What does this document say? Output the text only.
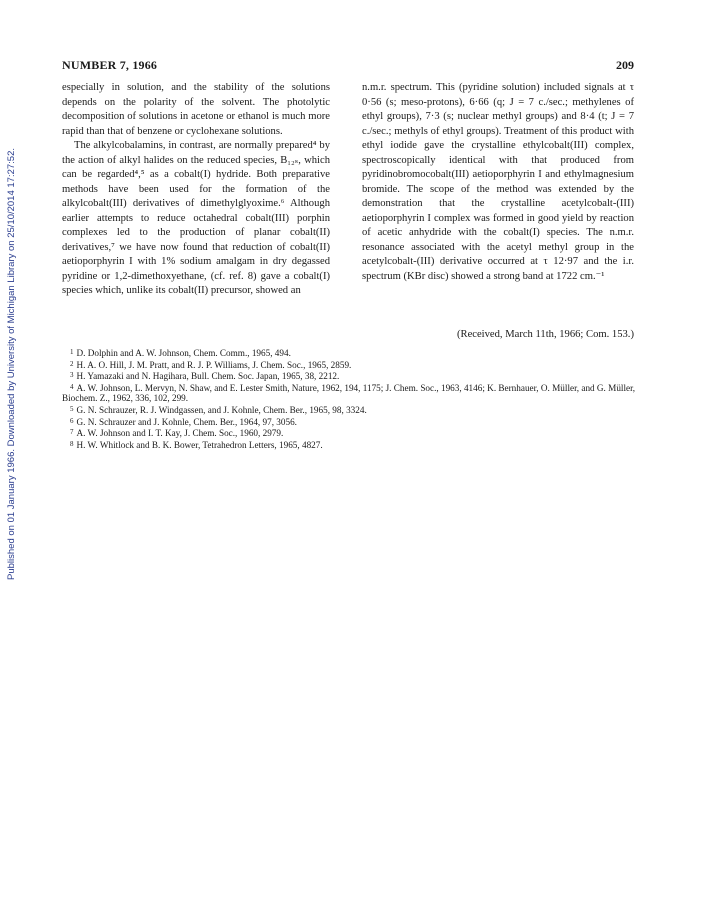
Published on 01 January 1966. Downloaded by University of Michigan Library on 25/10/2014 17:27:52.
NUMBER 7, 1966	209

especially in solution, and the stability of the solutions depends on the polarity of the solvent. The photolytic decomposition of solutions in acetone or ethanol is much more rapid than that of benzene or cyclohexane solutions.

The alkylcobalamins, in contrast, are normally prepared⁴ by the action of alkyl halides on the reduced species, B₁₂ₛ, which can be regarded⁴,⁵ as a cobalt(I) hydride. Both preparative methods have been used for the formation of the alkylcobalt(III) derivatives of dimethylglyoxime.⁶ Although earlier attempts to reduce octahedral cobalt(III) porphin complexes led to the production of planar cobalt(II) derivatives,⁷ we have now found that reduction of cobalt(II) aetioporphyrin I with 1% sodium amalgam in dry degassed pyridine or 1,2-dimethoxyethane, (cf. ref. 8) gave a cobalt(I) species which, unlike its cobalt(II) precursor, showed an

n.m.r. spectrum. This (pyridine solution) included signals at τ 0·56 (s; meso-protons), 6·66 (q; J = 7 c./sec.; methylenes of ethyl groups), 7·3 (s; nuclear methyl groups) and 8·4 (t; J = 7 c./sec.; methyls of ethyl groups). Treatment of this product with ethyl iodide gave the crystalline ethylcobalt(III) complex, spectroscopically identical with that produced from pyridinobromocobalt(III) aetioporphyrin I and ethylmagnesium bromide. The scope of the method was extended by the demonstration that the crystalline acetylcobalt-(III) aetioporphyrin I complex was formed in good yield by reaction of acetic anhydride with the cobalt(I) species. The n.m.r. resonance associated with the acetyl methyl group in the acetylcobalt-(III) derivative occurred at τ 12·97 and the i.r. spectrum (KBr disc) showed a strong band at 1722 cm.⁻¹

(Received, March 11th, 1966; Com. 153.)
$^1$ D. Dolphin and A. W. Johnson, Chem. Comm., 1965, 494.
$^2$ H. A. O. Hill, J. M. Pratt, and R. J. P. Williams, J. Chem. Soc., 1965, 2859.
$^3$ H. Yamazaki and N. Hagihara, Bull. Chem. Soc. Japan, 1965, 38, 2212.
$^4$ A. W. Johnson, L. Mervyn, N. Shaw, and E. Lester Smith, Nature, 1962, 194, 1175; J. Chem. Soc., 1963, 4146; K. Bernhauer, O. Müller, and G. Müller, Biochem. Z., 1962, 336, 102, 299.
$^5$ G. N. Schrauzer, R. J. Windgassen, and J. Kohnle, Chem. Ber., 1965, 98, 3324.
$^6$ G. N. Schrauzer and J. Kohnle, Chem. Ber., 1964, 97, 3056.
$^7$ A. W. Johnson and I. T. Kay, J. Chem. Soc., 1960, 2979.
$^8$ H. W. Whitlock and B. K. Bower, Tetrahedron Letters, 1965, 4827.
